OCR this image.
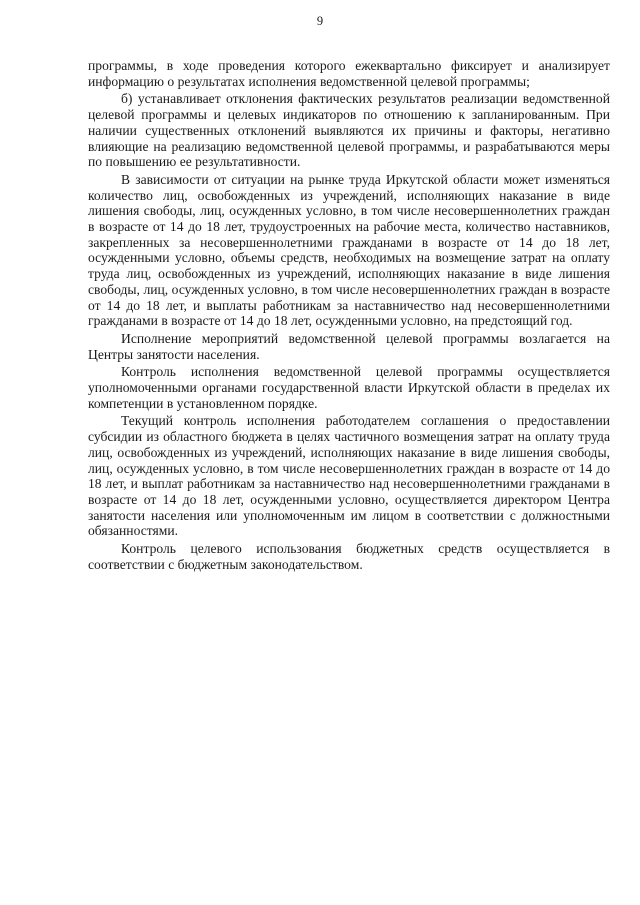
9

программы, в ходе проведения которого ежеквартально фиксирует и анализирует информацию о результатах исполнения ведомственной целевой программы;

б) устанавливает отклонения фактических результатов реализации ведомственной целевой программы и целевых индикаторов по отношению к запланированным. При наличии существенных отклонений выявляются их причины и факторы, негативно влияющие на реализацию ведомственной целевой программы, и разрабатываются меры по повышению ее результативности.

В зависимости от ситуации на рынке труда Иркутской области может изменяться количество лиц, освобожденных из учреждений, исполняющих наказание в виде лишения свободы, лиц, осужденных условно, в том числе несовершеннолетних граждан в возрасте от 14 до 18 лет, трудоустроенных на рабочие места, количество наставников, закрепленных за несовершеннолетними гражданами в возрасте от 14 до 18 лет, осужденными условно, объемы средств, необходимых на возмещение затрат на оплату труда лиц, освобожденных из учреждений, исполняющих наказание в виде лишения свободы, лиц, осужденных условно, в том числе несовершеннолетних граждан в возрасте от 14 до 18 лет, и выплаты работникам за наставничество над несовершеннолетними гражданами в возрасте от 14 до 18 лет, осужденными условно, на предстоящий год.

Исполнение мероприятий ведомственной целевой программы возлагается на Центры занятости населения.

Контроль исполнения ведомственной целевой программы осуществляется уполномоченными органами государственной власти Иркутской области в пределах их компетенции в установленном порядке.

Текущий контроль исполнения работодателем соглашения о предоставлении субсидии из областного бюджета в целях частичного возмещения затрат на оплату труда лиц, освобожденных из учреждений, исполняющих наказание в виде лишения свободы, лиц, осужденных условно, в том числе несовершеннолетних граждан в возрасте от 14 до 18 лет, и выплат работникам за наставничество над несовершеннолетними гражданами в возрасте от 14 до 18 лет, осужденными условно, осуществляется директором Центра занятости населения или уполномоченным им лицом в соответствии с должностными обязанностями.

Контроль целевого использования бюджетных средств осуществляется в соответствии с бюджетным законодательством.
